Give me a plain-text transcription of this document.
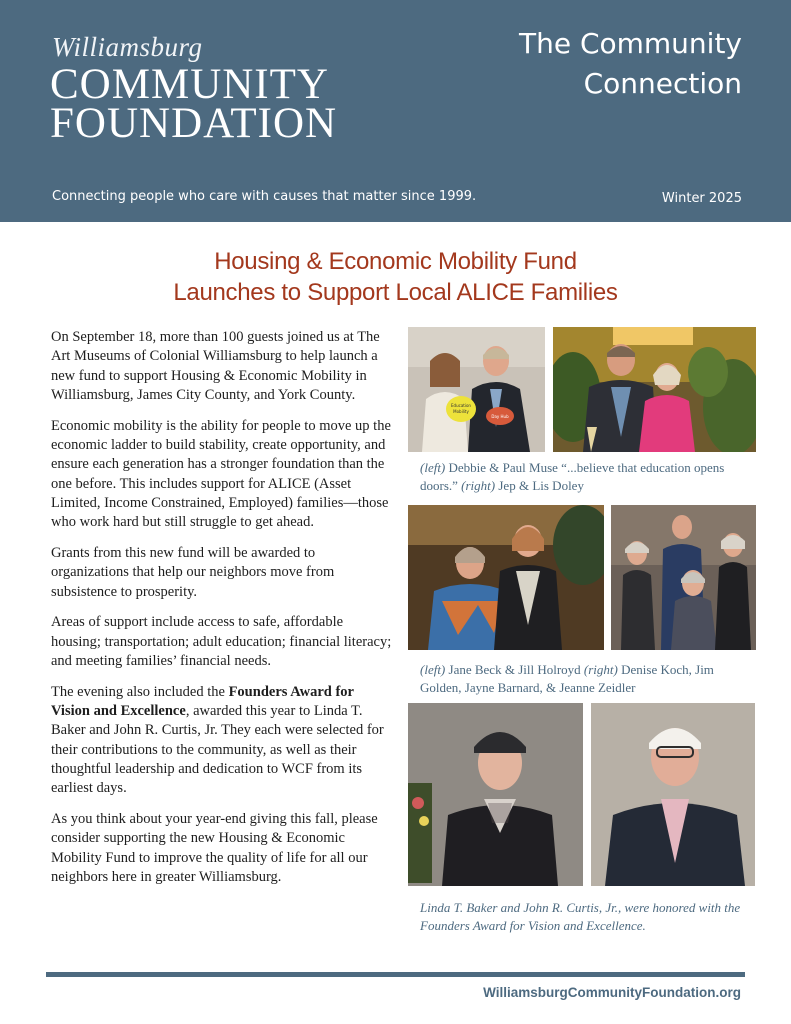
Williamsburg
COMMUNITY
FOUNDATION
The Community
Connection
Connecting people who care with causes that matter since 1999.	Winter 2025
Housing & Economic Mobility Fund
Launches to Support Local ALICE Families

On September 18, more than 100 guests joined us at The Art Museums of Colonial Williamsburg to help launch a new fund to support Housing & Economic Mobility in Williamsburg, James City County, and York County.

Economic mobility is the ability for people to move up the economic ladder to build stability, create opportunity, and ensure each generation has a stronger foundation than the one before. This includes support for ALICE (Asset Limited, Income Constrained, Employed) families—those who work hard but still struggle to get ahead.

Grants from this new fund will be awarded to organizations that help our neighbors move from subsistence to prosperity.

Areas of support include access to safe, affordable housing; transportation; adult education; financial literacy; and meeting families’ financial needs.

The evening also included the Founders Award for Vision and Excellence, awarded this year to Linda T. Baker and John R. Curtis, Jr. They each were selected for their contributions to the community, as well as their thoughtful leadership and dedication to WCF from its earliest days.

As you think about your year-end giving this fall, please consider supporting the new Housing & Economic Mobility Fund to improve the quality of life for all our neighbors here in greater Williamsburg.

Education
Mobility
Day Hub
(left) Debbie & Paul Muse “...believe that education opens doors.” (right) Jep & Lis Doley
(left) Jane Beck & Jill Holroyd (right) Denise Koch, Jim Golden, Jayne Barnard, & Jeanne Zeidler
Linda T. Baker and John R. Curtis, Jr., were honored with the Founders Award for Vision and Excellence.
WilliamsburgCommunityFoundation.org
